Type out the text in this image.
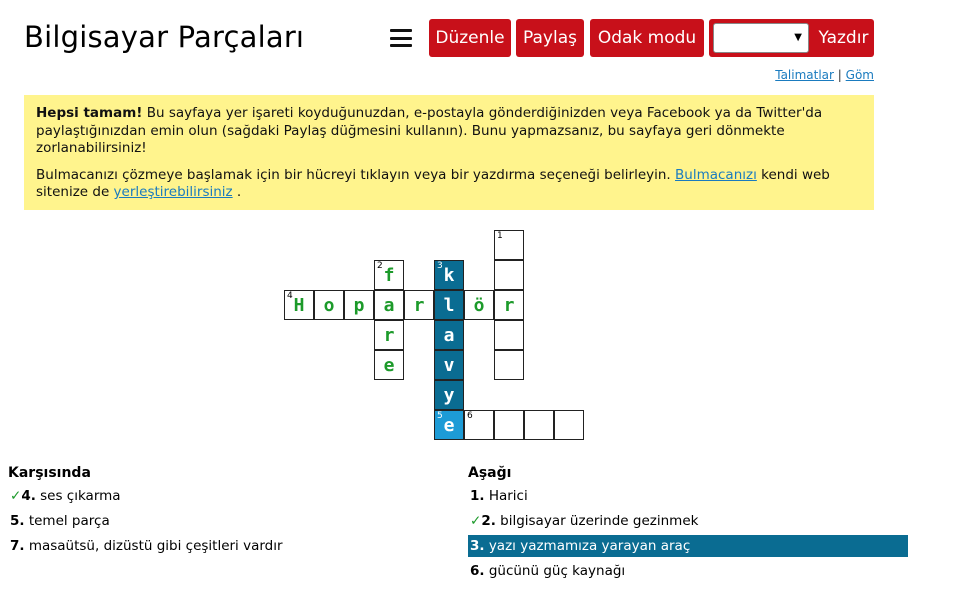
Bilgisayar Parçaları	Düzenle	Paylaş	Odak modu	▼ Yazdır
Talimatlar | Göm

Hepsi tamam! Bu sayfaya yer işareti koyduğunuzdan, e-postayla gönderdiğinizden veya Facebook ya da Twitter'da paylaştığınızdan emin olun (sağdaki Paylaş düğmesini kullanın). Bunu yapmazsanız, bu sayfaya geri dönmekte zorlanabilirsiniz!

Bulmacanızı çözmeye başlamak için bir hücreyi tıklayın veya bir yazdırma seçeneği belirleyin. Bulmacanızı kendi web sitenize de yerleştirebilirsiniz .

1
2 f	3 k
4 H	o	p	a	r	l	ö	r
r	a
e	v
y
5 e	6
Karşısında	Aşağı
✓4. ses çıkarma
5. temel parça
7. masaütsü, dizüstü gibi çeşitleri vardır
1. Harici
✓2. bilgisayar üzerinde gezinmek
3. yazı yazmamıza yarayan araç
6. gücünü güç kaynağı
